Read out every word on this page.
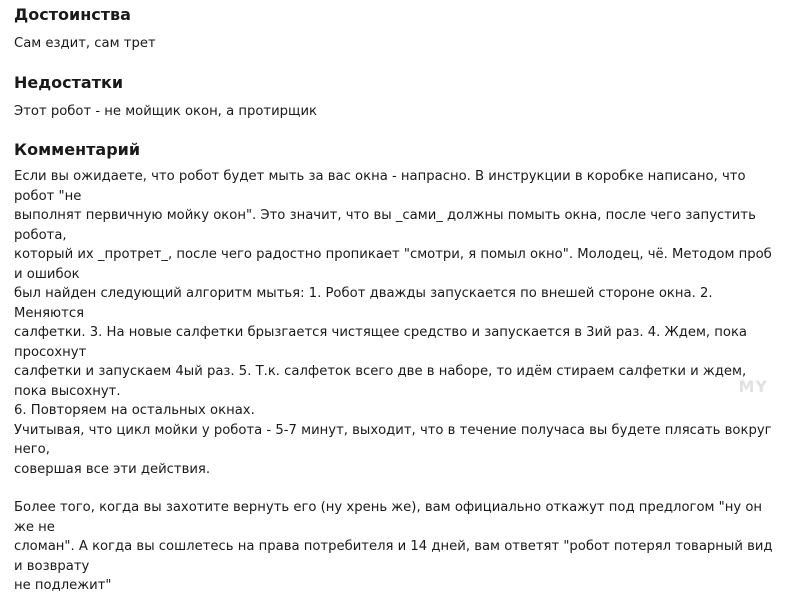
Достоинства

Сам ездит, сам трет

Недостатки

Этот робот - не мойщик окон, а протирщик

Комментарий
Если вы ожидаете, что робот будет мыть за вас окна - напрасно. В инструкции в коробке написано, что робот "не
выполнят первичную мойку окон". Это значит, что вы _сами_ должны помыть окна, после чего запустить робота,
который их _протрет_, после чего радостно пропикает "смотри, я помыл окно". Молодец, чё. Методом проб и ошибок
был найден следующий алгоритм мытья: 1. Робот дважды запускается по внешей стороне окна. 2. Меняются
салфетки. 3. На новые салфетки брызгается чистящее средство и запускается в 3ий раз. 4. Ждем, пока просохнут
салфетки и запускаем 4ый раз. 5. Т.к. салфеток всего две в наборе, то идём стираем салфетки и ждем, пока высохнут.
6. Повторяем на остальных окнах.
Учитывая, что цикл мойки у робота - 5-7 минут, выходит, что в течение получаса вы будете плясать вокруг него,
совершая все эти действия.
Более того, когда вы захотите вернуть его (ну хрень же), вам официально откажут под предлогом "ну он же не
сломан". А когда вы сошлетесь на права потребителя и 14 дней, вам ответят "робот потерял товарный вид и возврату
не подлежит"
MY
